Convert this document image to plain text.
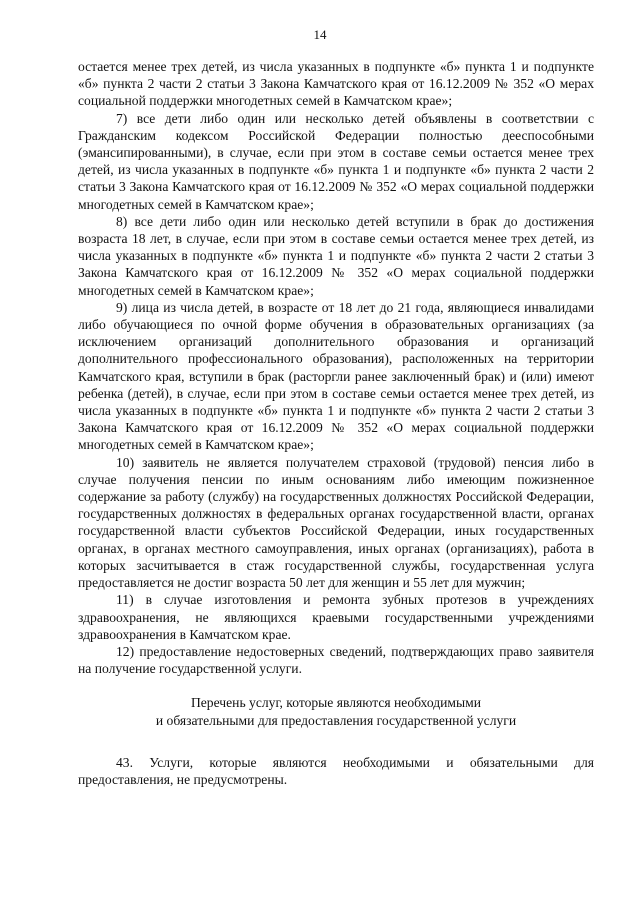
14

остается менее трех детей, из числа указанных в подпункте «б» пункта 1 и подпункте «б» пункта 2 части 2 статьи 3 Закона Камчатского края от 16.12.2009 № 352 «О мерах социальной поддержки многодетных семей в Камчатском крае»;

7) все дети либо один или несколько детей объявлены в соответствии с Гражданским кодексом Российской Федерации полностью дееспособными (эмансипированными), в случае, если при этом в составе семьи остается менее трех детей, из числа указанных в подпункте «б» пункта 1 и подпункте «б» пункта 2 части 2 статьи 3 Закона Камчатского края от 16.12.2009 № 352 «О мерах социальной поддержки многодетных семей в Камчатском крае»;

8) все дети либо один или несколько детей вступили в брак до достижения возраста 18 лет, в случае, если при этом в составе семьи остается менее трех детей, из числа указанных в подпункте «б» пункта 1 и подпункте «б» пункта 2 части 2 статьи 3 Закона Камчатского края от 16.12.2009 № 352 «О мерах социальной поддержки многодетных семей в Камчатском крае»;

9) лица из числа детей, в возрасте от 18 лет до 21 года, являющиеся инвалидами либо обучающиеся по очной форме обучения в образовательных организациях (за исключением организаций дополнительного образования и организаций дополнительного профессионального образования), расположенных на территории Камчатского края, вступили в брак (расторгли ранее заключенный брак) и (или) имеют ребенка (детей), в случае, если при этом в составе семьи остается менее трех детей, из числа указанных в подпункте «б» пункта 1 и подпункте «б» пункта 2 части 2 статьи 3 Закона Камчатского края от 16.12.2009 № 352 «О мерах социальной поддержки многодетных семей в Камчатском крае»;

10) заявитель не является получателем страховой (трудовой) пенсия либо в случае получения пенсии по иным основаниям либо имеющим пожизненное содержание за работу (службу) на государственных должностях Российской Федерации, государственных должностях в федеральных органах государственной власти, органах государственной власти субъектов Российской Федерации, иных государственных органах, в органах местного самоуправления, иных органах (организациях), работа в которых засчитывается в стаж государственной службы, государственная услуга предоставляется не достиг возраста 50 лет для женщин и 55 лет для мужчин;

11) в случае изготовления и ремонта зубных протезов в учреждениях здравоохранения, не являющихся краевыми государственными учреждениями здравоохранения в Камчатском крае.

12) предоставление недостоверных сведений, подтверждающих право заявителя на получение государственной услуги.

Перечень услуг, которые являются необходимыми
и обязательными для предоставления государственной услуги

43. Услуги, которые являются необходимыми и обязательными для предоставления, не предусмотрены.
